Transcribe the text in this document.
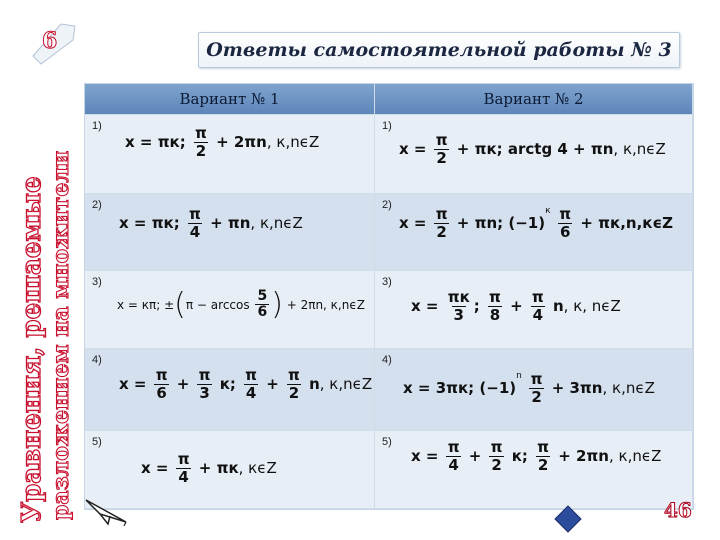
Уравнения, решаемые разложением на множители
6	Ответы самостоятельной работы № 3
Вариант № 1	Вариант № 2
1)
x = πк; π
2 + 2πn , к,nϵZ
1)
$x = \frac{\pi}{2} + \pi к$; arctg 4 + πn , к,nϵZ
2)
x = πк; π
4 + πn , к,nϵZ
2)
$x = \frac{\pi}{2} + \pi n$; (−1)
$^к$
π
6 + πк,n,кϵZ
3)
x = кπ; ± ( π − arccos
5
6 ) + 2πn, к,nϵZ
3)
x = πк
3 ; π
$8 + \frac{\pi}{4}$ n , к, nϵZ
4)
$x = \frac{\pi}{6} + \frac{\pi}{3} к$; π
$4 + \frac{\pi}{2}$ n , к,nϵZ
4)
x = 3πк; (−1)
$^n$
π
2 + 3πn , к,nϵZ
5)
$x = \frac{\pi}{4} + \pi к$ , кϵZ
5)
$x = \frac{\pi}{4} + \frac{\pi}{2} к$; π
2 + 2πn , к,nϵZ
46
